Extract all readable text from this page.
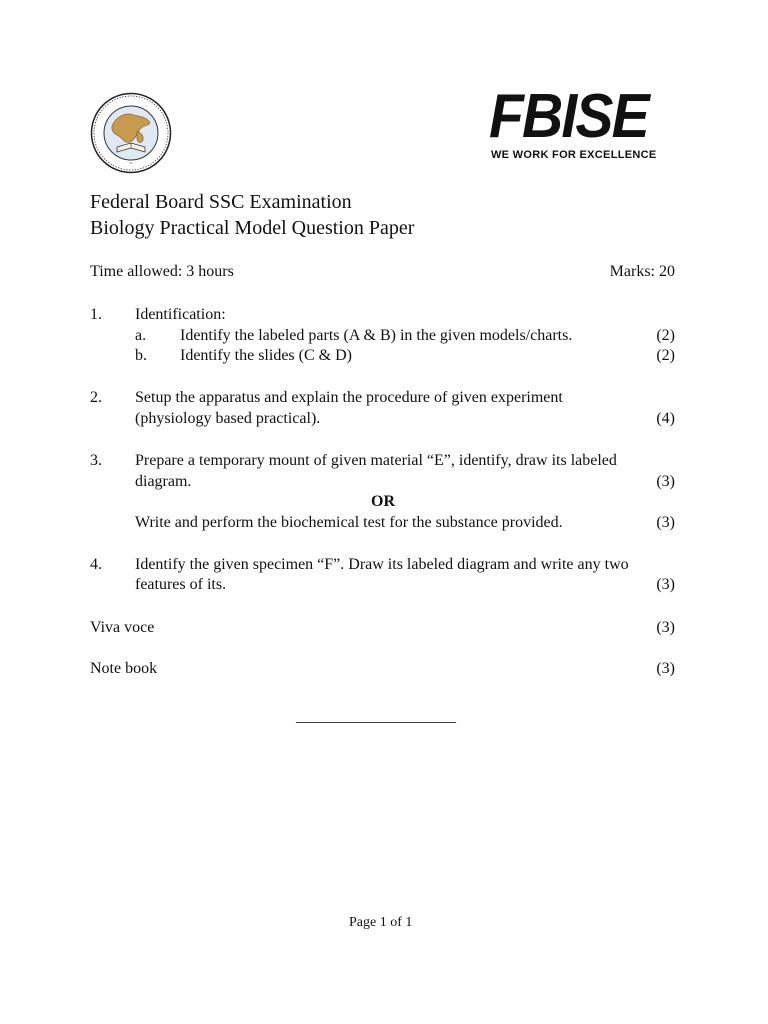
~
FBISE
WE WORK FOR EXCELLENCE
Federal Board SSC Examination
Biology Practical Model Question Paper
Time allowed: 3 hours	Marks: 20
1. Identification:
a. Identify the labeled parts (A & B) in the given models/charts.	(2)
b. Identify the slides (C & D)	(2)
2. Setup the apparatus and explain the procedure of given experiment
(physiology based practical).	(4)
3. Prepare a temporary mount of given material “E”, identify, draw its labeled
diagram.	(3)
OR
Write and perform the biochemical test for the substance provided.	(3)
4. Identify the given specimen “F”. Draw its labeled diagram and write any two
features of its.	(3)
Viva voce	(3)
Note book	(3)
____________________
Page 1 of 1
